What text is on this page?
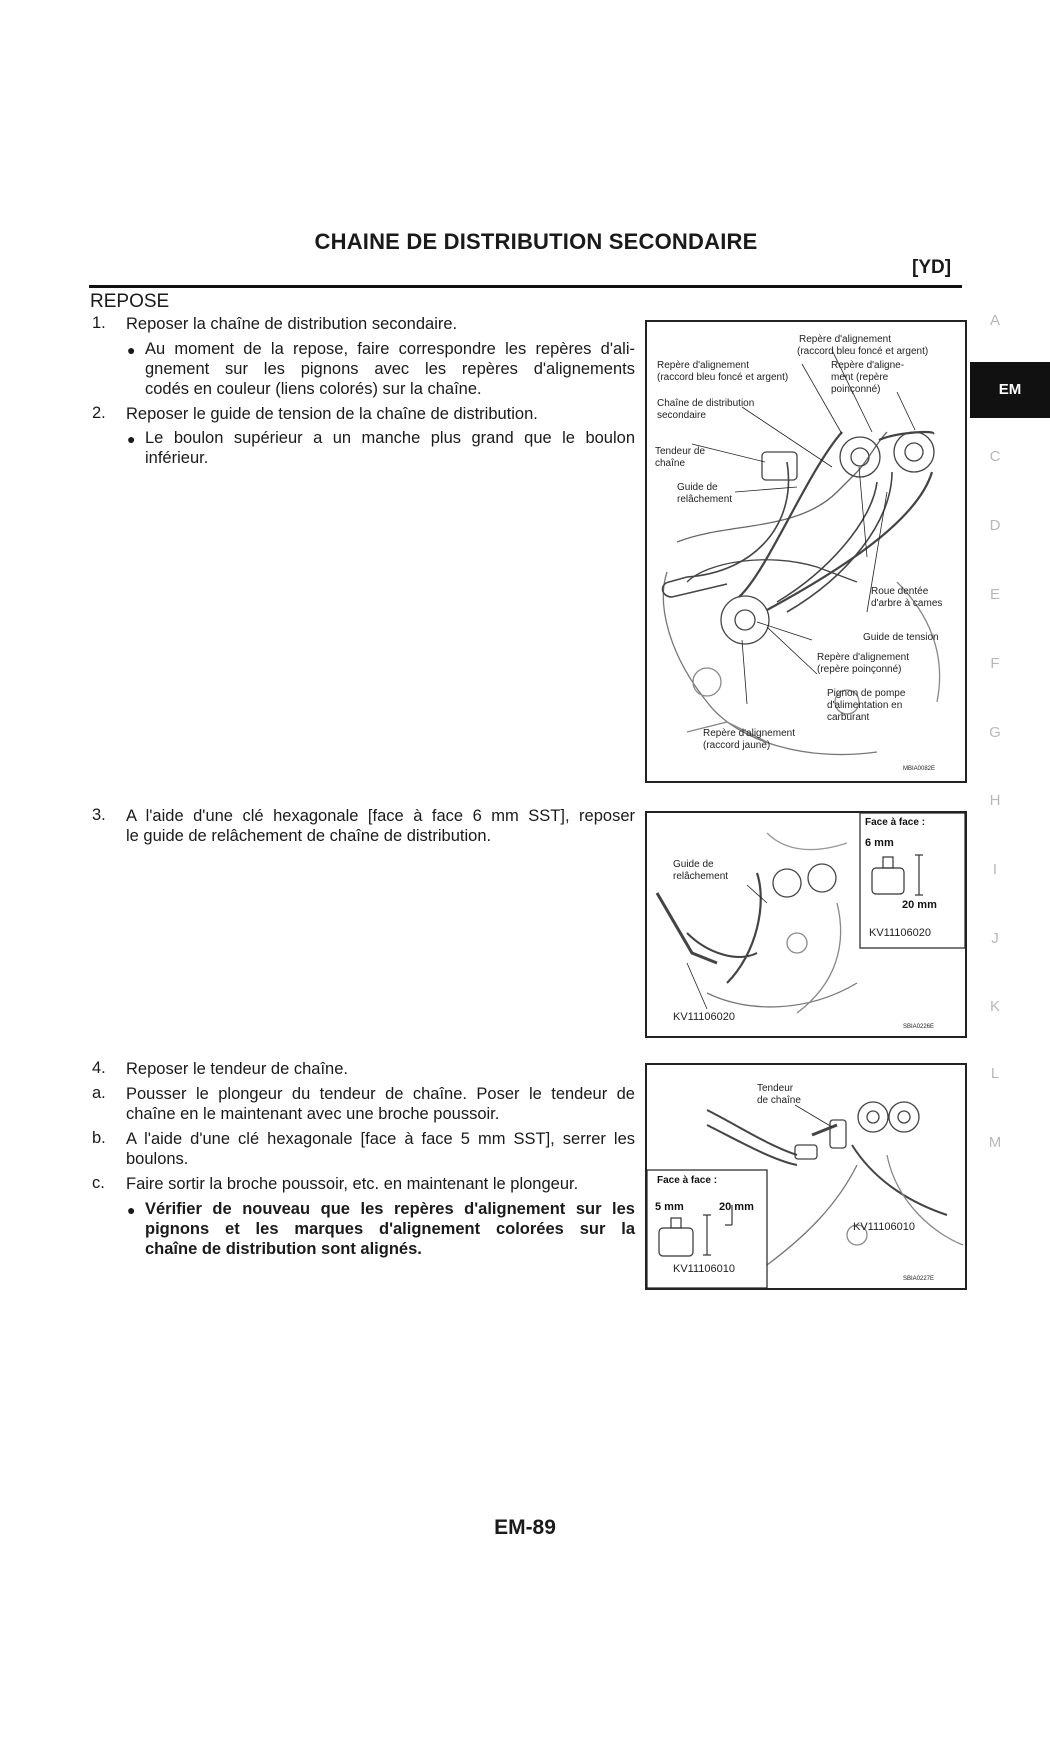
CHAINE DE DISTRIBUTION SECONDAIRE
[YD]
REPOSE
1. Reposer la chaîne de distribution secondaire.
● Au moment de la repose, faire correspondre les repères d'ali-
gnement sur les pignons avec les repères d'alignements
codés en couleur (liens colorés) sur la chaîne.
2. Reposer le guide de tension de la chaîne de distribution.
● Le boulon supérieur a un manche plus grand que le boulon
inférieur.
Repère d'alignement
(raccord bleu foncé et argent)
Repère d'alignement
(raccord bleu foncé et argent)
Repère d'aligne-
ment (repère
poinçonné)
Chaîne de distribution
secondaire
Tendeur de
chaîne
Guide de
relâchement
Roue dentée
d'arbre à cames
Guide de tension
Repère d'alignement
(repère poinçonné)
Pignon de pompe
d'alimentation en
carburant
Repère d'alignement
(raccord jaune)
MBIA0082E
3. A l'aide d'une clé hexagonale [face à face 6 mm SST], reposer
le guide de relâchement de chaîne de distribution.
Face à face :
6 mm
20 mm
KV11106020
Guide de
relâchement
KV11106020
SBIA0226E
4. Reposer le tendeur de chaîne.
a. Pousser le plongeur du tendeur de chaîne. Poser le tendeur de
chaîne en le maintenant avec une broche poussoir.
b. A l'aide d'une clé hexagonale [face à face 5 mm SST], serrer les
boulons.
c. Faire sortir la broche poussoir, etc. en maintenant le plongeur.
● Vérifier de nouveau que les repères d'alignement sur les
pignons et les marques d'alignement colorées sur la
chaîne de distribution sont alignés.
Tendeur
de chaîne
Face à face :
5 mm	20 mm
KV11106010
KV11106010
SBIA0227E
A
EM
C
D
E
F
G
H
I
J
K
L
M
EM-89
